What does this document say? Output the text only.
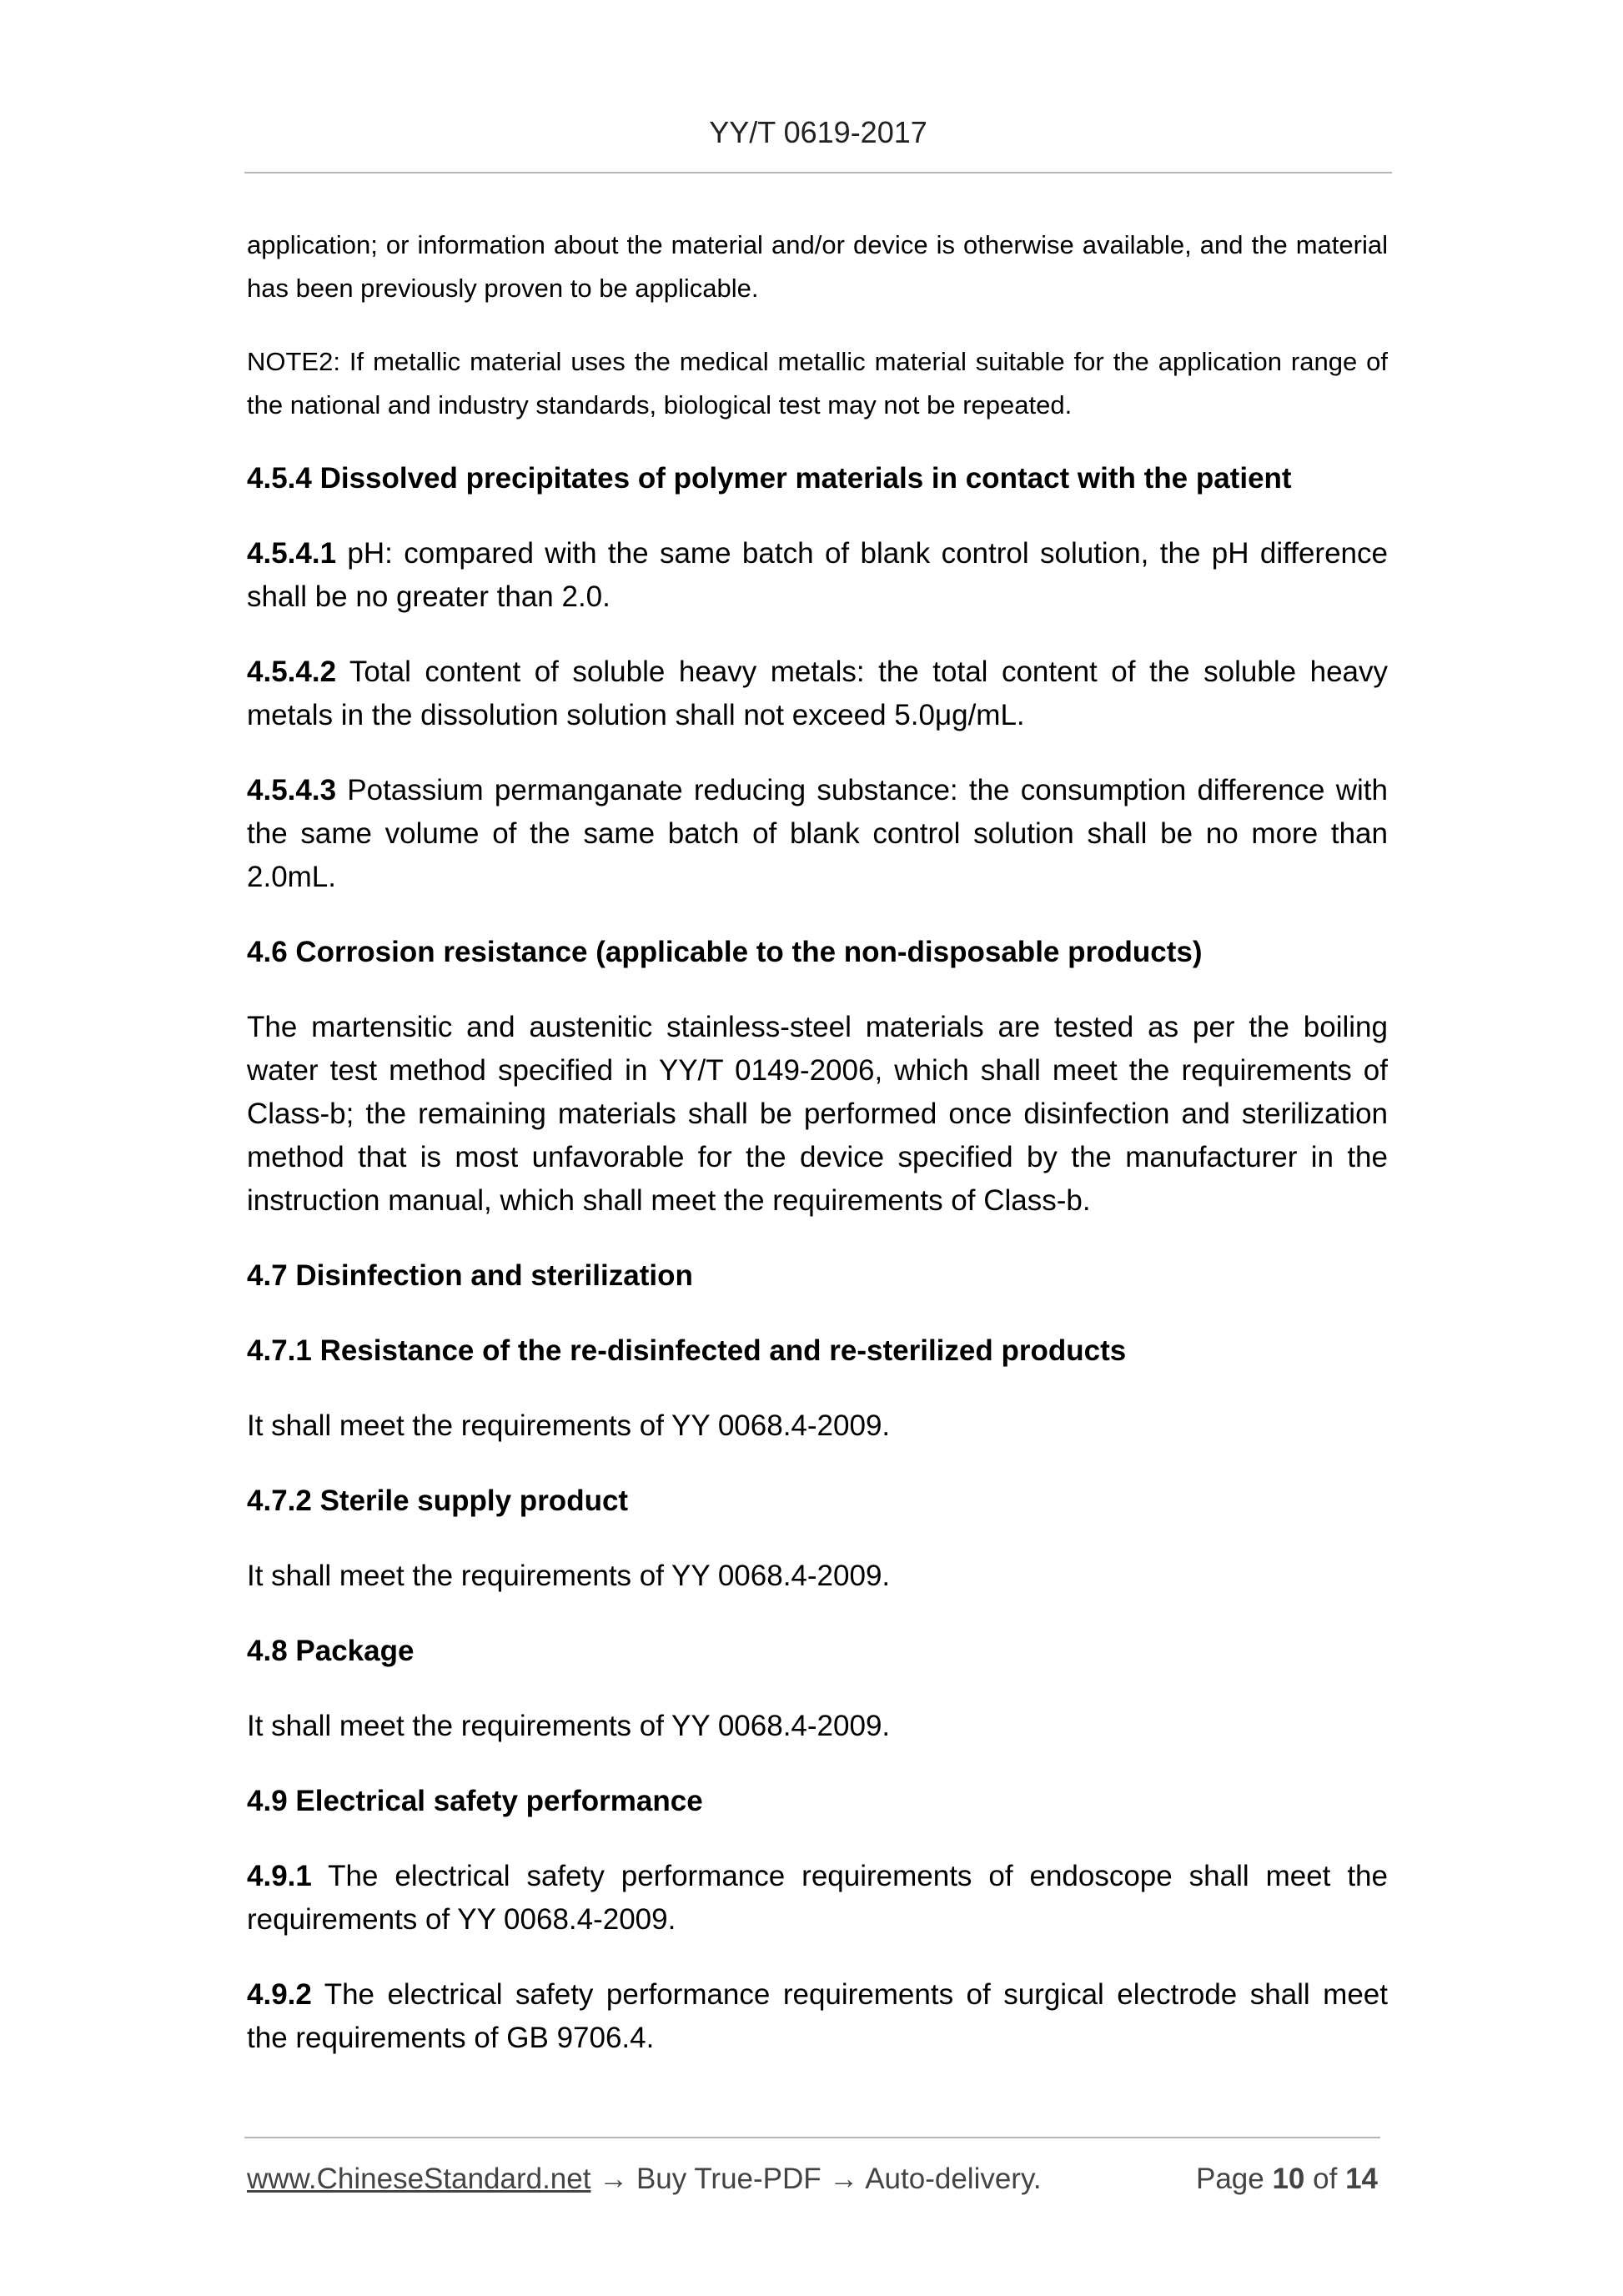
YY/T 0619-2017

application; or information about the material and/or device is otherwise available, and the material has been previously proven to be applicable.

NOTE2: If metallic material uses the medical metallic material suitable for the application range of the national and industry standards, biological test may not be repeated.

4.5.4 Dissolved precipitates of polymer materials in contact with the patient

4.5.4.1 pH: compared with the same batch of blank control solution, the pH difference shall be no greater than 2.0.

4.5.4.2 Total content of soluble heavy metals: the total content of the soluble heavy metals in the dissolution solution shall not exceed 5.0μg/mL.

4.5.4.3 Potassium permanganate reducing substance: the consumption difference with the same volume of the same batch of blank control solution shall be no more than 2.0mL.

4.6 Corrosion resistance (applicable to the non-disposable products)

The martensitic and austenitic stainless-steel materials are tested as per the boiling water test method specified in YY/T 0149-2006, which shall meet the requirements of Class-b; the remaining materials shall be performed once disinfection and sterilization method that is most unfavorable for the device specified by the manufacturer in the instruction manual, which shall meet the requirements of Class-b.

4.7 Disinfection and sterilization

4.7.1 Resistance of the re-disinfected and re-sterilized products

It shall meet the requirements of YY 0068.4-2009.

4.7.2 Sterile supply product

It shall meet the requirements of YY 0068.4-2009.

4.8 Package

It shall meet the requirements of YY 0068.4-2009.

4.9 Electrical safety performance

4.9.1 The electrical safety performance requirements of endoscope shall meet the requirements of YY 0068.4-2009.

4.9.2 The electrical safety performance requirements of surgical electrode shall meet the requirements of GB 9706.4.

www.ChineseStandard.net → Buy True-PDF → Auto-delivery.	Page 10 of 14
